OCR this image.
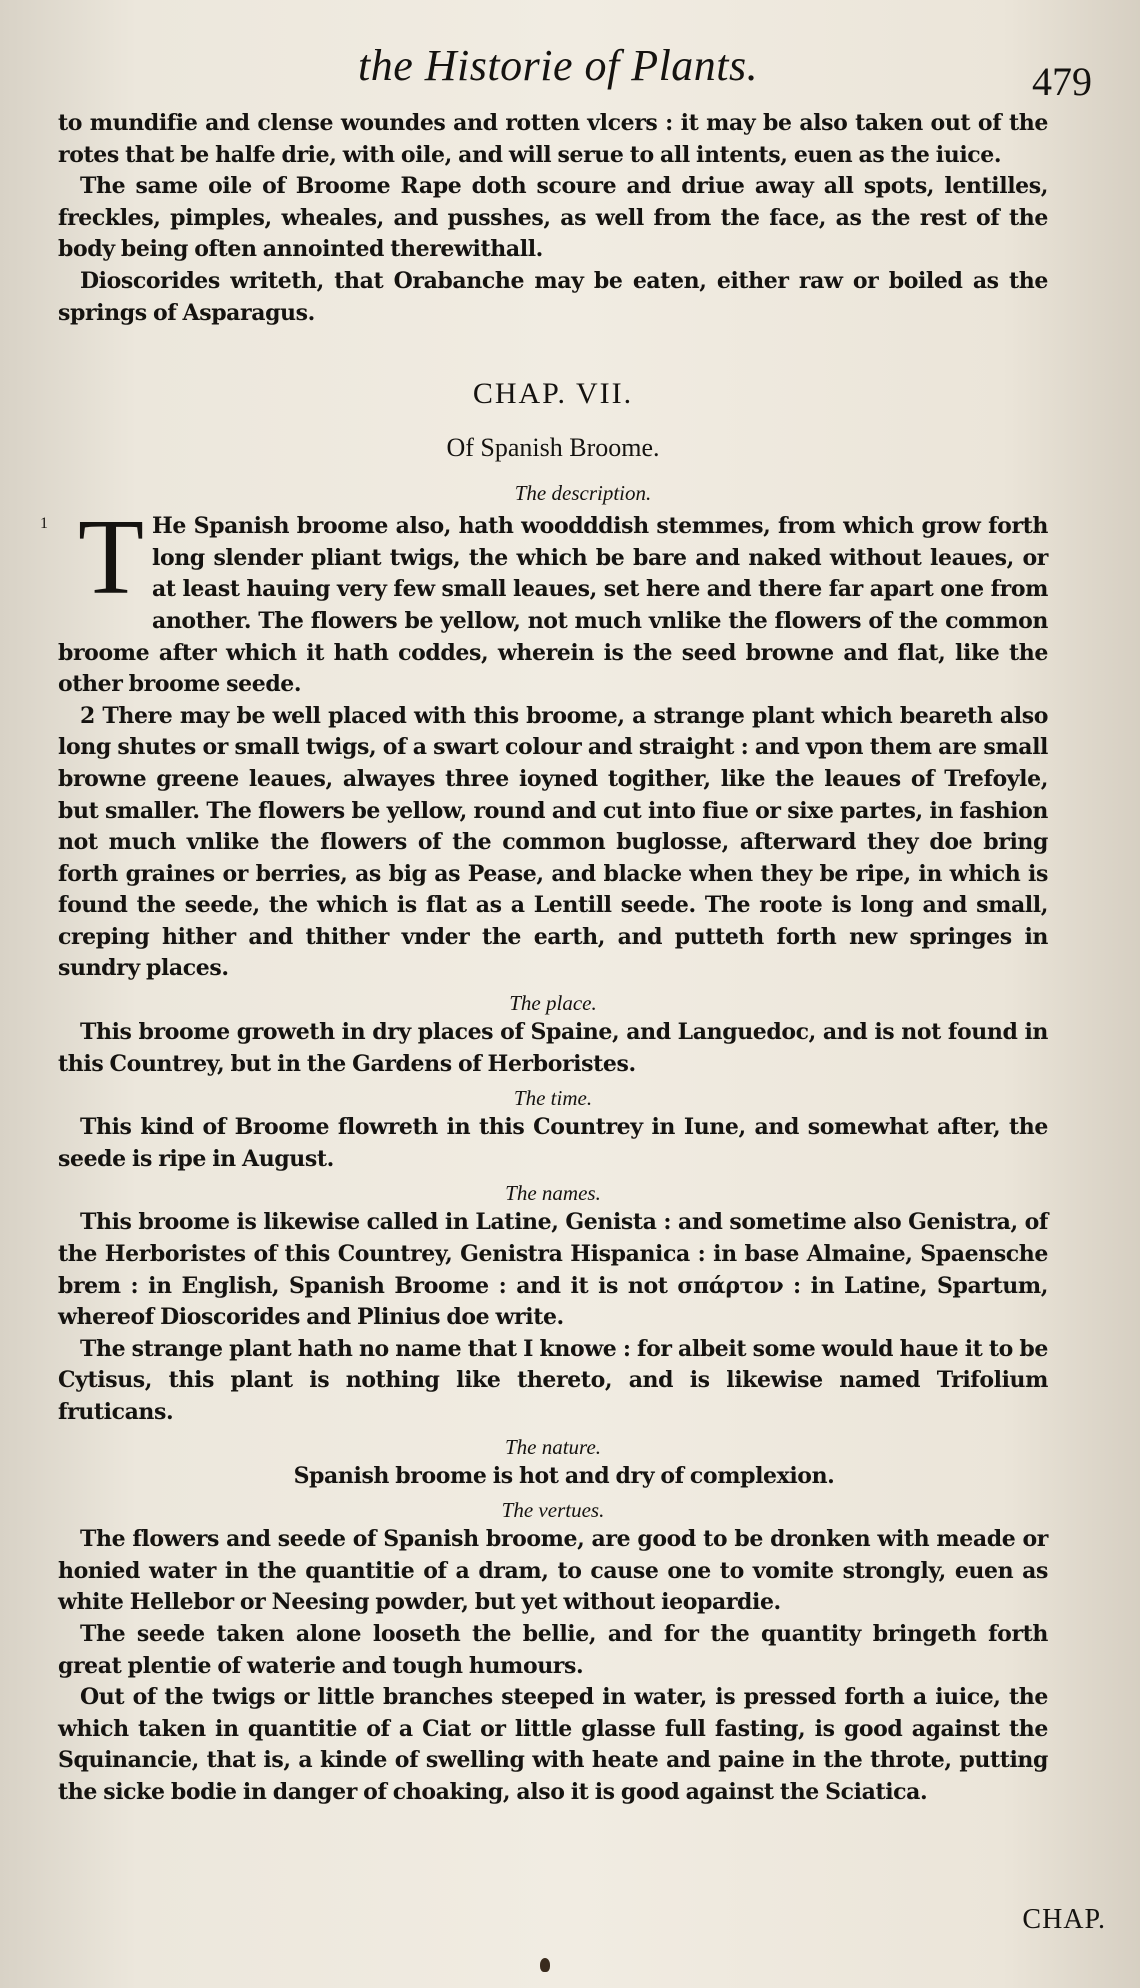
the Historie of Plants.	479

to mundifie and clense woundes and rotten vlcers : it may be also taken out of the rotes that be halfe drie, with oile, and will serue to all intents, euen as the iuice.

The same oile of Broome Rape doth scoure and driue away all spots, lentilles, freckles, pimples, wheales, and pusshes, as well from the face, as the rest of the body being often annointed therewithall.

Dioscorides writeth, that Orabanche may be eaten, either raw or boiled as the springs of Asparagus.

CHAP. VII.
Of Spanish Broome.
The description.
1 T He Spanish broome also, hath woodddish stemmes, from which grow forth long slender pliant twigs, the which be bare and naked without leaues, or at least hauing very few small leaues, set here and there far apart one from another. The flowers be yellow, not much vnlike the flowers of the common broome after which it hath coddes, wherein is the seed browne and flat, like the other broome seede.

2 There may be well placed with this broome, a strange plant which beareth also long shutes or small twigs, of a swart colour and straight : and vpon them are small browne greene leaues, alwayes three ioyned togither, like the leaues of Trefoyle, but smaller. The flowers be yellow, round and cut into fiue or sixe partes, in fashion not much vnlike the flowers of the common buglosse, afterward they doe bring forth graines or berries, as big as Pease, and blacke when they be ripe, in which is found the seede, the which is flat as a Lentill seede. The roote is long and small, creping hither and thither vnder the earth, and putteth forth new springes in sundry places.

The place.

This broome groweth in dry places of Spaine, and Languedoc, and is not found in this Countrey, but in the Gardens of Herboristes.

The time.

This kind of Broome flowreth in this Countrey in Iune, and somewhat after, the seede is ripe in August.

The names.

This broome is likewise called in Latine, Genista : and sometime also Genistra, of the Herboristes of this Countrey, Genistra Hispanica : in base Almaine, Spaensche brem : in English, Spanish Broome : and it is not σπάρτον : in Latine, Spartum, whereof Dioscorides and Plinius doe write.

The strange plant hath no name that I knowe : for albeit some would haue it to be Cytisus, this plant is nothing like thereto, and is likewise named Trifolium fruticans.

The nature.

Spanish broome is hot and dry of complexion.

The vertues.

The flowers and seede of Spanish broome, are good to be dronken with meade or honied water in the quantitie of a dram, to cause one to vomite strongly, euen as white Hellebor or Neesing powder, but yet without ieopardie.

The seede taken alone looseth the bellie, and for the quantity bringeth forth great plentie of waterie and tough humours.

Out of the twigs or little branches steeped in water, is pressed forth a iuice, the which taken in quantitie of a Ciat or little glasse full fasting, is good against the Squinancie, that is, a kinde of swelling with heate and paine in the throte, putting the sicke bodie in danger of choaking, also it is good against the Sciatica.

CHAP.
